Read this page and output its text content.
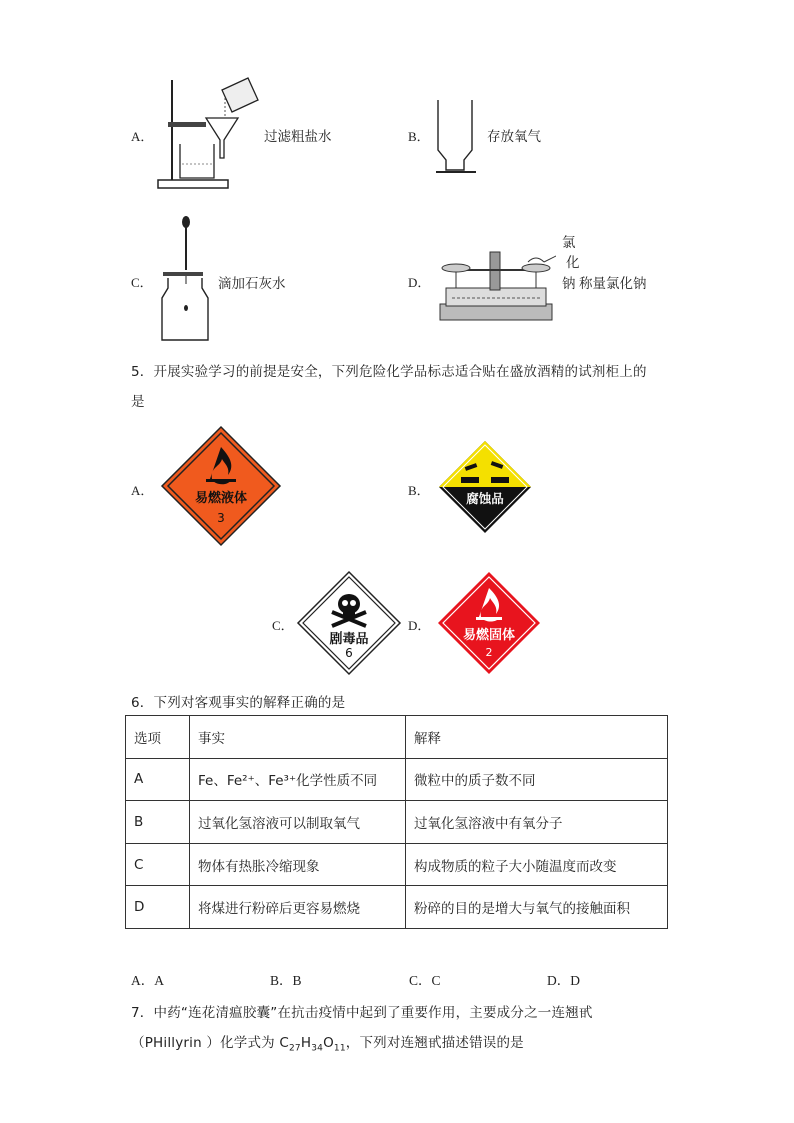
A．	过滤粗盐水	B．	存放氧气
C．	滴加石灰水	D．
氯
化
钠 称量氯化钠
5．开展实验学习的前提是安全，下列危险化学品标志适合贴在盛放酒精的试剂柜上的
是
A．
易燃液体
3
B．
腐蚀品
C．
剧毒品
6
D．
易燃固体
2
6．下列对客观事实的解释正确的是
选项	事实	解释
A	Fe、Fe²⁺、Fe³⁺化学性质不同	微粒中的质子数不同
B	过氧化氢溶液可以制取氧气	过氧化氢溶液中有氧分子
C	物体有热胀冷缩现象	构成物质的粒子大小随温度而改变
D	将煤进行粉碎后更容易燃烧	粉碎的目的是增大与氧气的接触面积
A．A	B．B	C．C	D．D
7．中药“连花清瘟胶囊”在抗击疫情中起到了重要作用，主要成分之一连翘甙
（PHillyrin ）化学式为 $C_{27}H_{34}O_{11}$，下列对连翘甙描述错误的是
